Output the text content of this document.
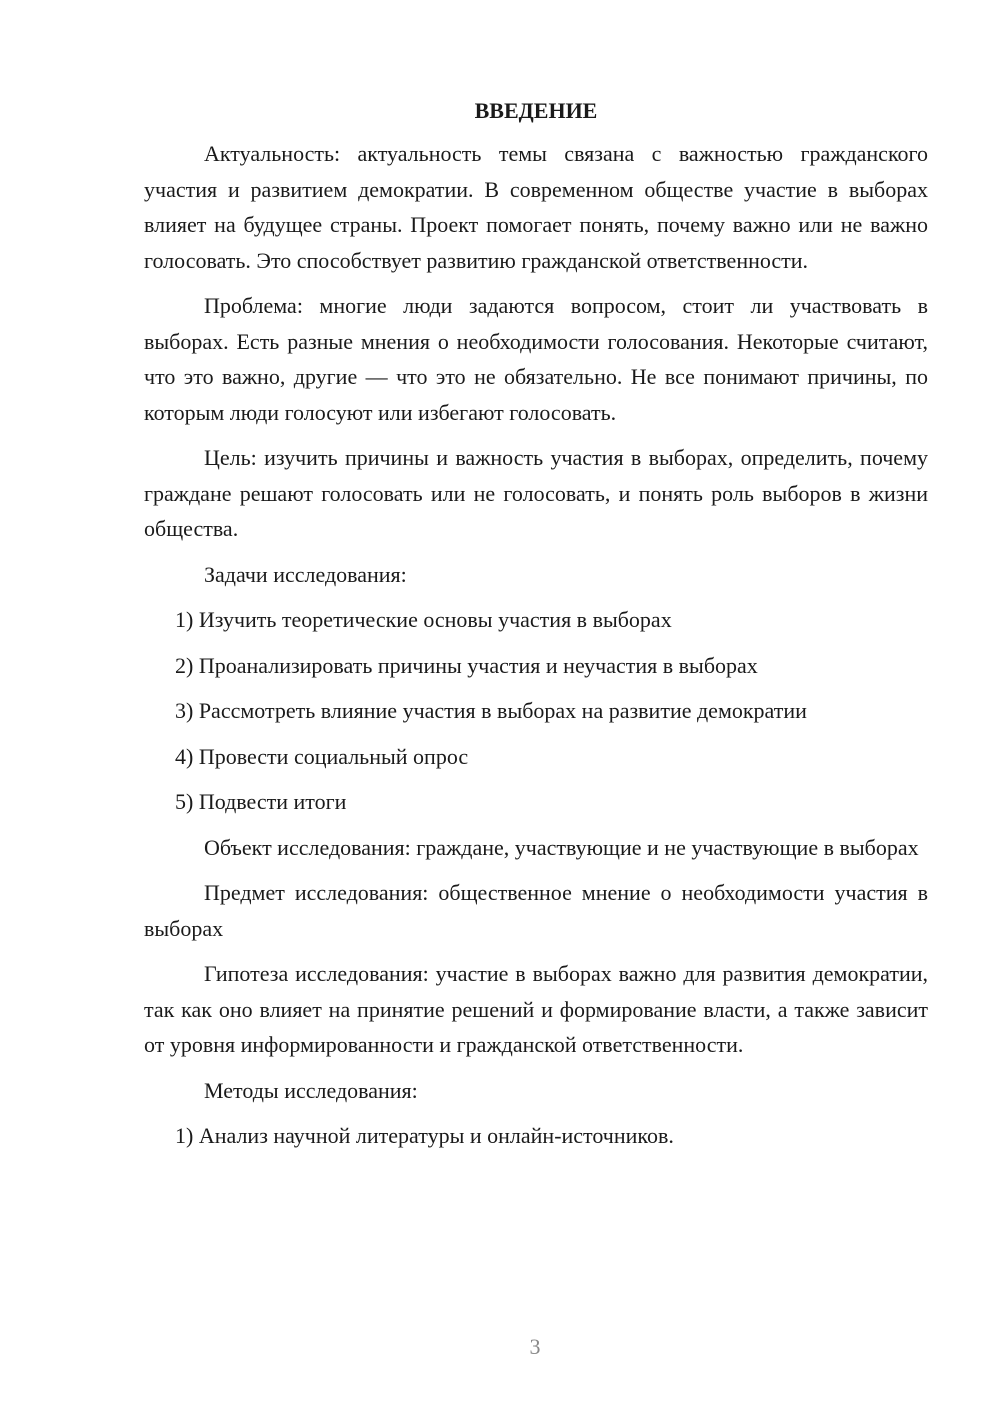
ВВЕДЕНИЕ

Актуальность: актуальность темы связана с важностью гражданского участия и развитием демократии. В современном обществе участие в выборах влияет на будущее страны. Проект помогает понять, почему важно или не важно голосовать. Это способствует развитию гражданской ответственности.

Проблема: многие люди задаются вопросом, стоит ли участвовать в выборах. Есть разные мнения о необходимости голосования. Некоторые считают, что это важно, другие — что это не обязательно. Не все понимают причины, по которым люди голосуют или избегают голосовать.

Цель: изучить причины и важность участия в выборах, определить, почему граждане решают голосовать или не голосовать, и понять роль выборов в жизни общества.

Задачи исследования:

1) Изучить теоретические основы участия в выборах
2) Проанализировать причины участия и неучастия в выборах
3) Рассмотреть влияние участия в выборах на развитие демократии
4) Провести социальный опрос
5) Подвести итоги

Объект исследования: граждане, участвующие и не участвующие в выборах

Предмет исследования: общественное мнение о необходимости участия в выборах

Гипотеза исследования: участие в выборах важно для развития демократии, так как оно влияет на принятие решений и формирование власти, а также зависит от уровня информированности и гражданской ответственности.

Методы исследования:

1) Анализ научной литературы и онлайн-источников.
3
